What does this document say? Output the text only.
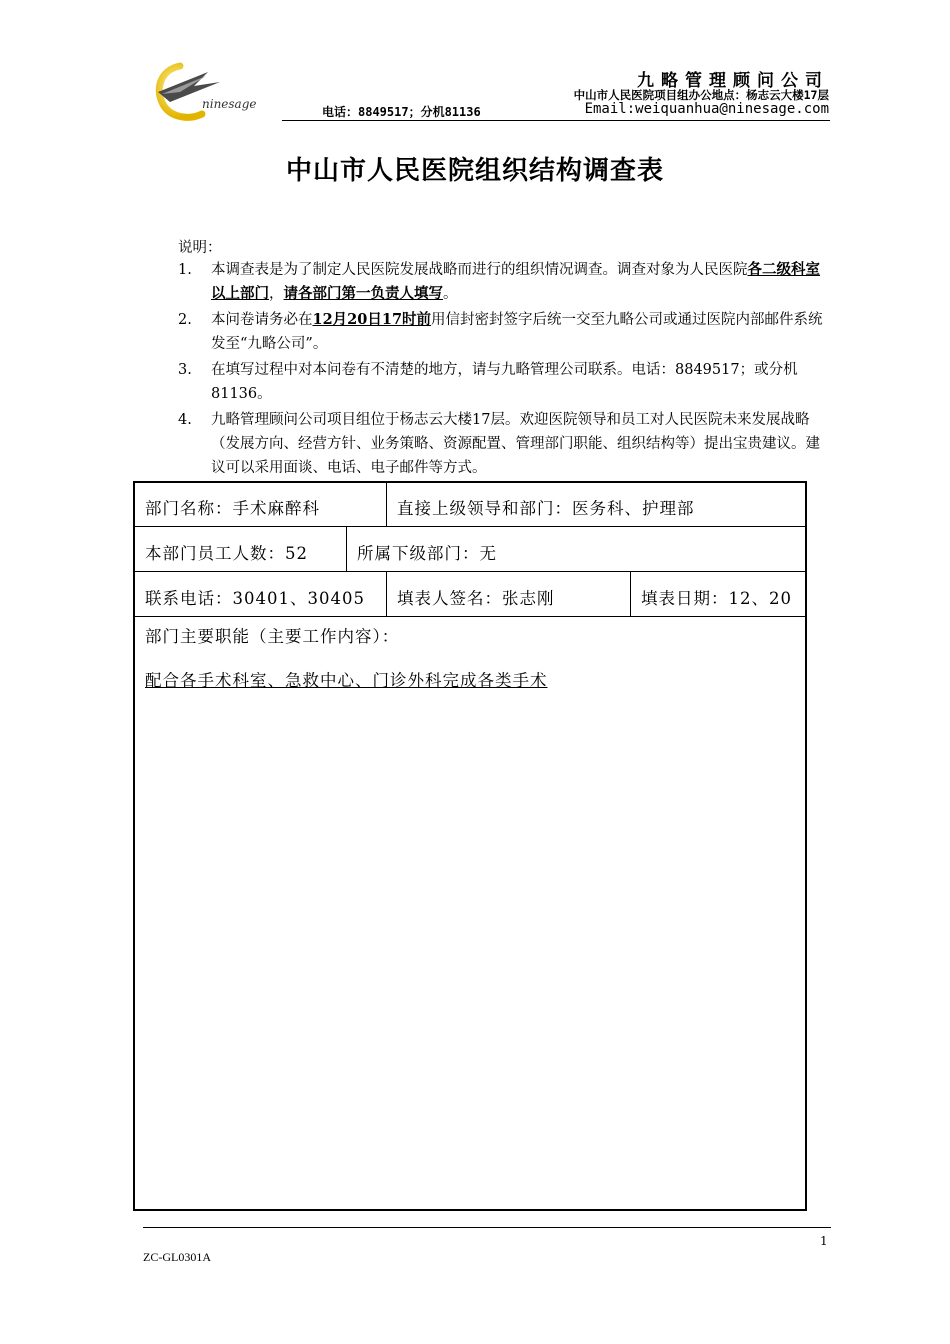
ninesage
九略管理顾问公司
中山市人民医院项目组办公地点：杨志云大楼17层
电话：8849517；分机81136	Email:weiquanhua@ninesage.com
中山市人民医院组织结构调查表
说明：
1.	本调查表是为了制定人民医院发展战略而进行的组织情况调查。调查对象为人民医院各二级科室以上部门，请各部门第一负责人填写。
2.	本问卷请务必在12月20日17时前用信封密封签字后统一交至九略公司或通过医院内部邮件系统发至“九略公司”。
3.	在填写过程中对本问卷有不清楚的地方，请与九略管理公司联系。电话：8849517；或分机81136。
4.	九略管理顾问公司项目组位于杨志云大楼17层。欢迎医院领导和员工对人民医院未来发展战略（发展方向、经营方针、业务策略、资源配置、管理部门职能、组织结构等）提出宝贵建议。建议可以采用面谈、电话、电子邮件等方式。
部门名称：手术麻醉科	直接上级领导和部门：医务科、护理部
本部门员工人数：52	所属下级部门：无
联系电话：30401、30405 填表人签名：张志刚	填表日期：12、20
部门主要职能（主要工作内容）：
配合各手术科室、急救中心、门诊外科完成各类手术
1
ZC-GL0301A
